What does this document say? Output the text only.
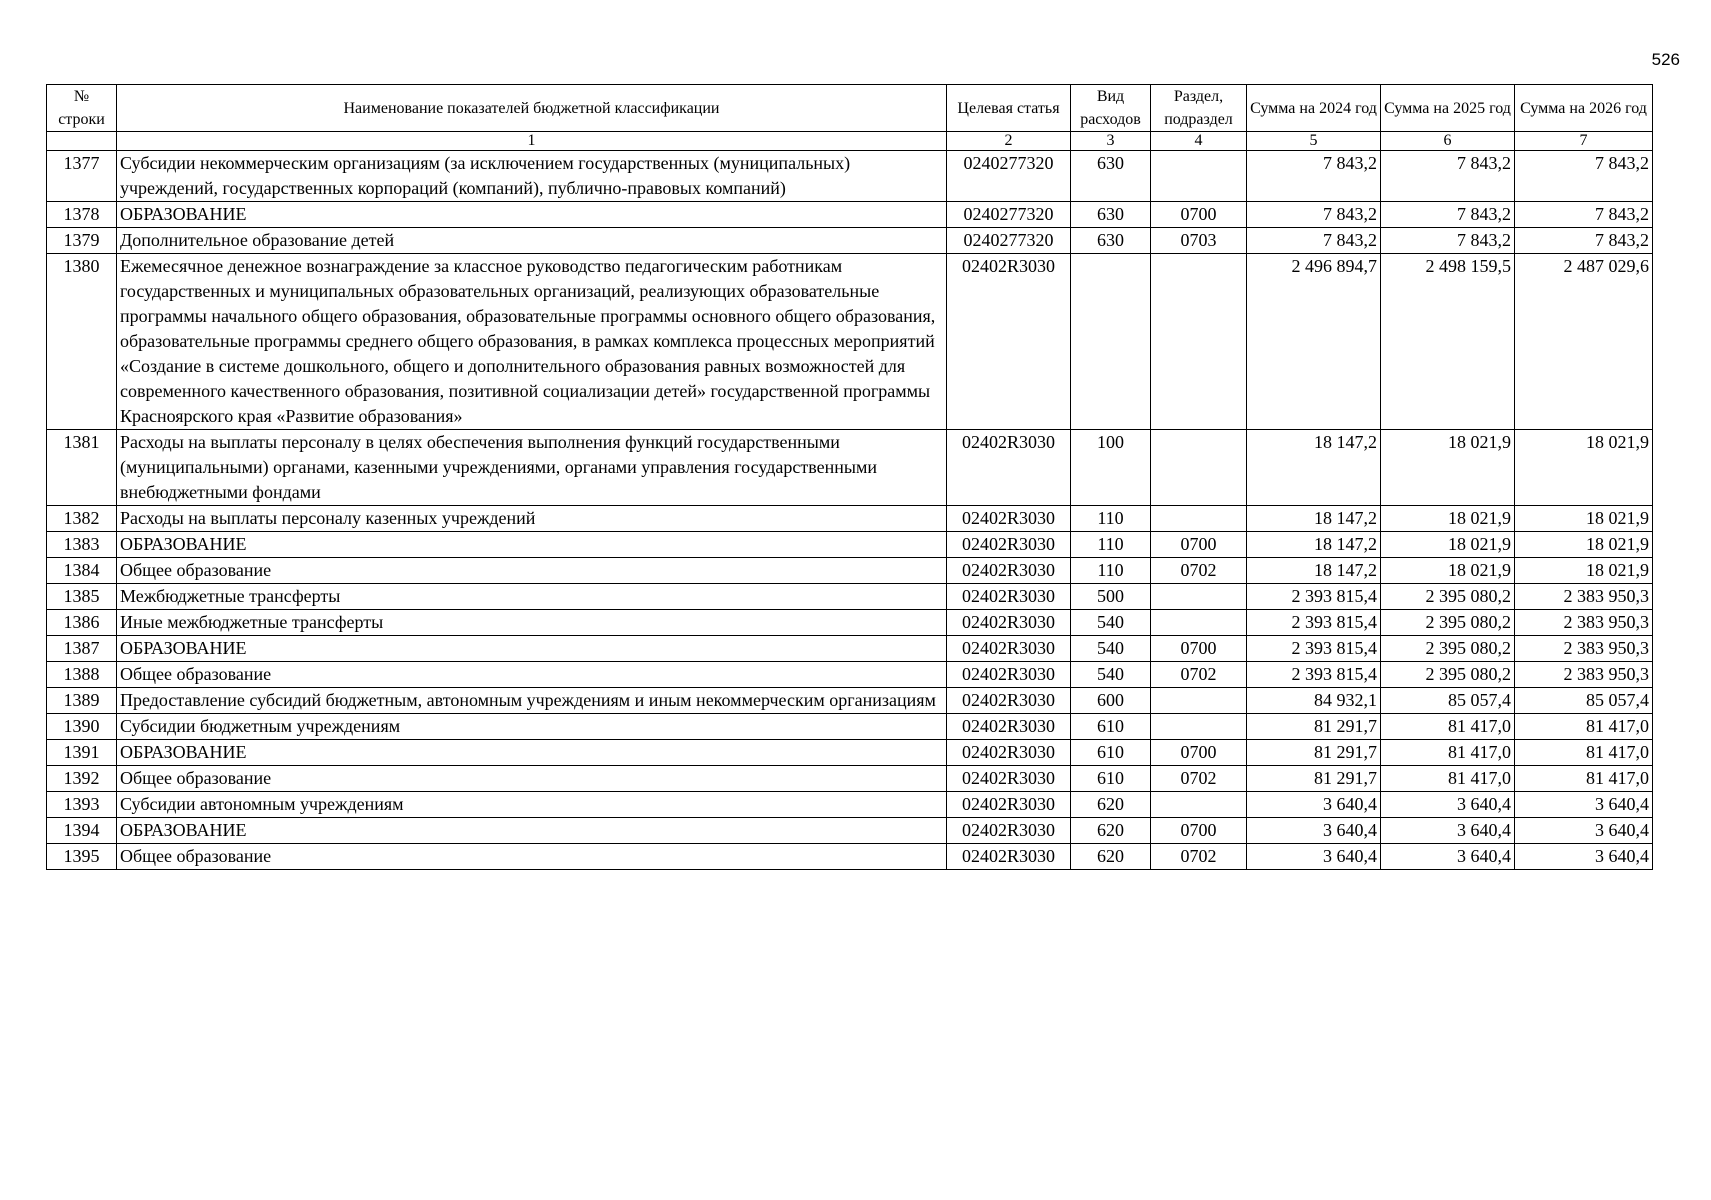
526
№ строки	Наименование показателей бюджетной классификации	Целевая статья	Вид расходов	Раздел, подраздел	Сумма на 2024 год	Сумма на 2025 год	Сумма на 2026 год
	1	2	3	4	5	6	7
1377	Субсидии некоммерческим организациям (за исключением государственных (муниципальных) учреждений, государственных корпораций (компаний), публично-правовых компаний)	0240277320	630		7 843,2	7 843,2	7 843,2
1378	ОБРАЗОВАНИЕ	0240277320	630	0700	7 843,2	7 843,2	7 843,2
1379	Дополнительное образование детей	0240277320	630	0703	7 843,2	7 843,2	7 843,2
1380	Ежемесячное денежное вознаграждение за классное руководство педагогическим работникам государственных и муниципальных образовательных организаций, реализующих образовательные программы начального общего образования, образовательные программы основного общего образования, образовательные программы среднего общего образования, в рамках комплекса процессных мероприятий «Создание в системе дошкольного, общего и дополнительного образования равных возможностей для современного качественного образования, позитивной социализации детей» государственной программы Красноярского края «Развитие образования»	02402R3030			2 496 894,7	2 498 159,5	2 487 029,6
1381	Расходы на выплаты персоналу в целях обеспечения выполнения функций государственными (муниципальными) органами, казенными учреждениями, органами управления государственными внебюджетными фондами	02402R3030	100		18 147,2	18 021,9	18 021,9
1382	Расходы на выплаты персоналу казенных учреждений	02402R3030	110		18 147,2	18 021,9	18 021,9
1383	ОБРАЗОВАНИЕ	02402R3030	110	0700	18 147,2	18 021,9	18 021,9
1384	Общее образование	02402R3030	110	0702	18 147,2	18 021,9	18 021,9
1385	Межбюджетные трансферты	02402R3030	500		2 393 815,4	2 395 080,2	2 383 950,3
1386	Иные межбюджетные трансферты	02402R3030	540		2 393 815,4	2 395 080,2	2 383 950,3
1387	ОБРАЗОВАНИЕ	02402R3030	540	0700	2 393 815,4	2 395 080,2	2 383 950,3
1388	Общее образование	02402R3030	540	0702	2 393 815,4	2 395 080,2	2 383 950,3
1389	Предоставление субсидий бюджетным, автономным учреждениям и иным некоммерческим организациям	02402R3030	600		84 932,1	85 057,4	85 057,4
1390	Субсидии бюджетным учреждениям	02402R3030	610		81 291,7	81 417,0	81 417,0
1391	ОБРАЗОВАНИЕ	02402R3030	610	0700	81 291,7	81 417,0	81 417,0
1392	Общее образование	02402R3030	610	0702	81 291,7	81 417,0	81 417,0
1393	Субсидии автономным учреждениям	02402R3030	620		3 640,4	3 640,4	3 640,4
1394	ОБРАЗОВАНИЕ	02402R3030	620	0700	3 640,4	3 640,4	3 640,4
1395	Общее образование	02402R3030	620	0702	3 640,4	3 640,4	3 640,4
